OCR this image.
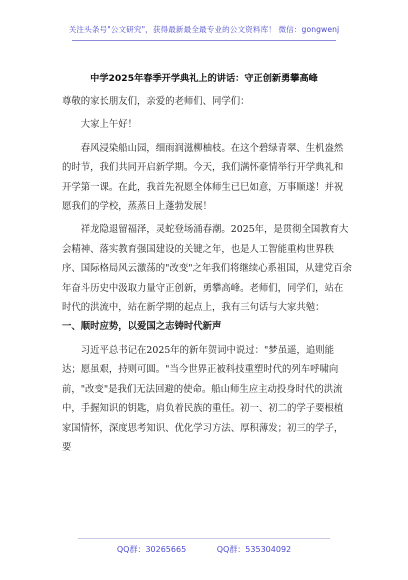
关注头条号"公文研究"，获得最新最全最专业的公文资料库！ 微信：gongwenj
中学2025年春季开学典礼上的讲话：守正创新勇攀高峰

尊敬的家长朋友们，亲爱的老师们、同学们：

大家上午好！

春风浸染船山园，细雨润滋柳柚枝。在这个碧绿青翠、生机盎然的时节，我们共同开启新学期。今天，我们满怀豪情举行开学典礼和开学第一课。在此，我首先祝愿全体师生已巳如意，万事顺遂！并祝愿我们的学校，蒸蒸日上蓬勃发展！

祥龙隐退留福泽，灵蛇登场涌春潮。2025年，是贯彻全国教育大会精神、落实教育强国建设的关键之年，也是人工智能重构世界秩序、国际格局风云激荡的"改变"之年我们将继续心系祖国，从建党百余年奋斗历史中汲取力量守正创新，勇攀高峰。老师们，同学们，站在时代的洪流中，站在新学期的起点上，我有三句话与大家共勉：

一、顺时应势，以爱国之志铸时代新声

习近平总书记在2025年的新年贺词中说过："梦虽遥，追则能达；愿虽艰，持则可圆。"当今世界正被科技重塑时代的列车呼啸向前，"改变"是我们无法回避的使命。船山师生应主动投身时代的洪流中，手握知识的钥匙，肩负着民族的重任。初一、初二的学子要根植家国情怀，深度思考知识、优化学习方法、厚积薄发；初三的学子，要

QQ群：30265665	QQ群：535304092
